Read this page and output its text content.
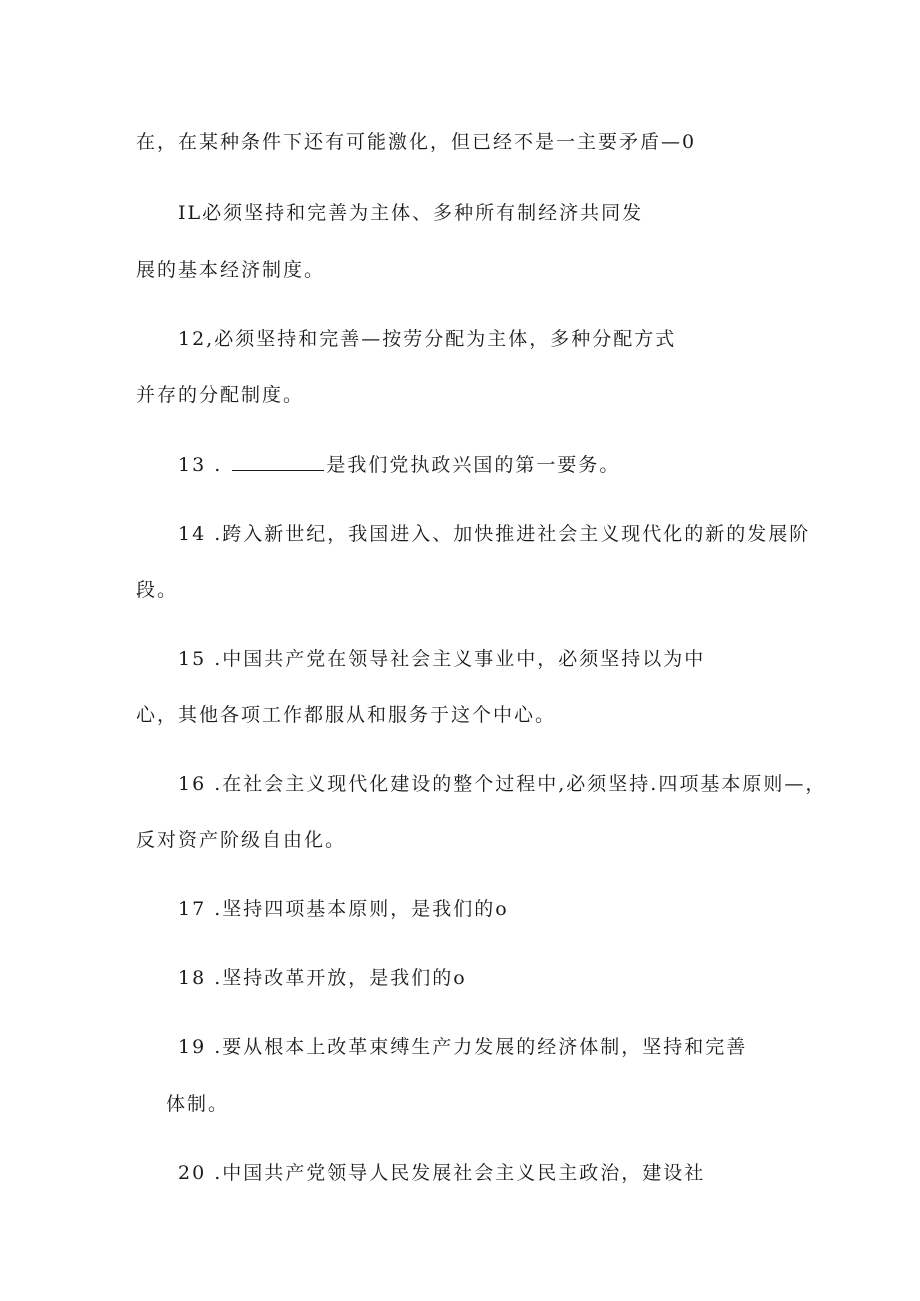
在，在某种条件下还有可能激化，但已经不是一主要矛盾—0
IL必须坚持和完善为主体、多种所有制经济共同发
展的基本经济制度。
12,必须坚持和完善—按劳分配为主体，多种分配方式
并存的分配制度。
13 .	是我们党执政兴国的第一要务。
14 .跨入新世纪，我国进入、加快推进社会主义现代化的新的发展阶
段。
15 .中国共产党在领导社会主义事业中，必须坚持以为中
心，其他各项工作都服从和服务于这个中心。
16 .在社会主义现代化建设的整个过程中,必须坚持.四项基本原则—，
反对资产阶级自由化。
17 .坚持四项基本原则，是我们的o
18 .坚持改革开放，是我们的o
19 .要从根本上改革束缚生产力发展的经济体制，坚持和完善
体制。
20 .中国共产党领导人民发展社会主义民主政治，建设社
